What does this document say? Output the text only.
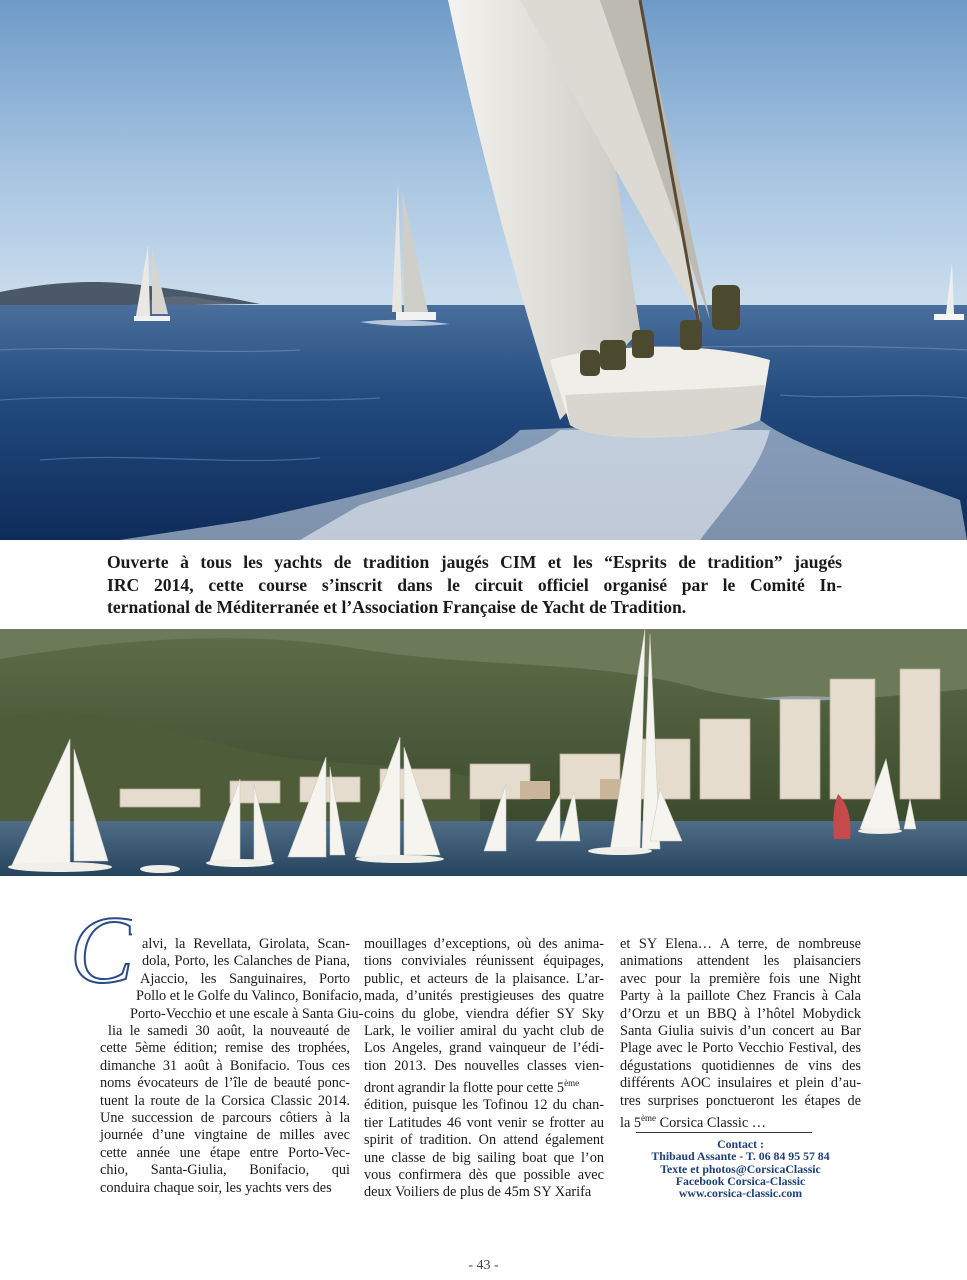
Ouverte à tous les yachts de tradition jaugés CIM et les “Esprits de tradition” jaugés
IRC 2014, cette course s’inscrit dans le circuit officiel organisé par le Comité In-
ternational de Méditerranée et l’Association Française de Yacht de Tradition.
C alvi, la Revellata, Girolata, Scan-
dola, Porto, les Calanches de Piana,
Ajaccio, les Sanguinaires, Porto
Pollo et le Golfe du Valinco, Bonifacio,
Porto-Vecchio et une escale à Santa Giu-
lia le samedi 30 août, la nouveauté de
cette 5ème édition; remise des trophées,
dimanche 31 août à Bonifacio. Tous ces
noms évocateurs de l’île de beauté ponc-
tuent la route de la Corsica Classic 2014.
Une succession de parcours côtiers à la
journée d’une vingtaine de milles avec
cette année une étape entre Porto-Vec-
chio, Santa-Giulia, Bonifacio, qui
conduira chaque soir, les yachts vers des
mouillages d’exceptions, où des anima-
tions conviviales réunissent équipages,
public, et acteurs de la plaisance. L’ar-
mada, d’unités prestigieuses des quatre
coins du globe, viendra défier SY Sky
Lark, le voilier amiral du yacht club de
Los Angeles, grand vainqueur de l’édi-
tion 2013. Des nouvelles classes vien-
dront agrandir la flotte pour cette 5ème
édition, puisque les Tofinou 12 du chan-
tier Latitudes 46 vont venir se frotter au
spirit of tradition. On attend également
une classe de big sailing boat que l’on
vous confirmera dès que possible avec
deux Voiliers de plus de 45m SY Xarifa
et SY Elena… A terre, de nombreuse
animations attendent les plaisanciers
avec pour la première fois une Night
Party à la paillote Chez Francis à Cala
d’Orzu et un BBQ à l’hôtel Mobydick
Santa Giulia suivis d’un concert au Bar
Plage avec le Porto Vecchio Festival, des
dégustations quotidiennes de vins des
différents AOC insulaires et plein d’au-
tres surprises ponctueront les étapes de
la 5ème Corsica Classic …
Contact :
Thibaud Assante - T. 06 84 95 57 84
Texte et photos@CorsicaClassic
Facebook Corsica-Classic
www.corsica-classic.com
- 43 -
